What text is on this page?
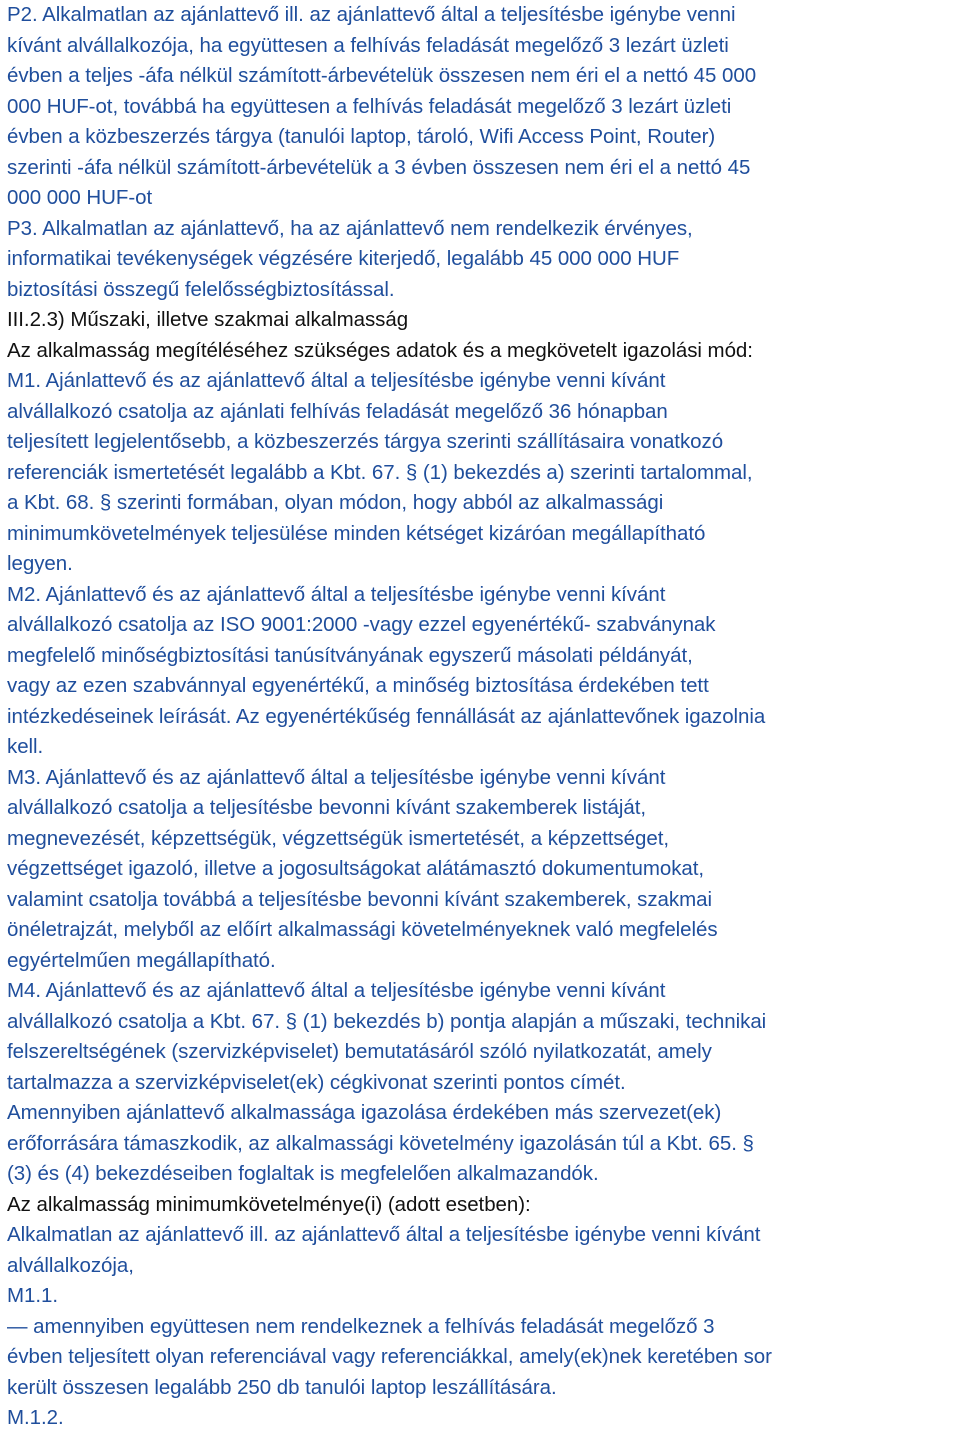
P2. Alkalmatlan az ajánlattevő ill. az ajánlattevő által a teljesítésbe igénybe venni
kívánt alvállalkozója, ha együttesen a felhívás feladását megelőző 3 lezárt üzleti
évben a teljes -áfa nélkül számított-árbevételük összesen nem éri el a nettó 45 000
000 HUF-ot, továbbá ha együttesen a felhívás feladását megelőző 3 lezárt üzleti
évben a közbeszerzés tárgya (tanulói laptop, tároló, Wifi Access Point, Router)
szerinti -áfa nélkül számított-árbevételük a 3 évben összesen nem éri el a nettó 45
000 000 HUF-ot
P3. Alkalmatlan az ajánlattevő, ha az ajánlattevő nem rendelkezik érvényes,
informatikai tevékenységek végzésére kiterjedő, legalább 45 000 000 HUF
biztosítási összegű felelősségbiztosítással.
III.2.3) Műszaki, illetve szakmai alkalmasság
Az alkalmasság megítéléséhez szükséges adatok és a megkövetelt igazolási mód:
M1. Ajánlattevő és az ajánlattevő által a teljesítésbe igénybe venni kívánt
alvállalkozó csatolja az ajánlati felhívás feladását megelőző 36 hónapban
teljesített legjelentősebb, a közbeszerzés tárgya szerinti szállításaira vonatkozó
referenciák ismertetését legalább a Kbt. 67. § (1) bekezdés a) szerinti tartalommal,
a Kbt. 68. § szerinti formában, olyan módon, hogy abból az alkalmassági
minimumkövetelmények teljesülése minden kétséget kizáróan megállapítható
legyen.
M2. Ajánlattevő és az ajánlattevő által a teljesítésbe igénybe venni kívánt
alvállalkozó csatolja az ISO 9001:2000 -vagy ezzel egyenértékű- szabványnak
megfelelő minőségbiztosítási tanúsítványának egyszerű másolati példányát,
vagy az ezen szabvánnyal egyenértékű, a minőség biztosítása érdekében tett
intézkedéseinek leírását. Az egyenértékűség fennállását az ajánlattevőnek igazolnia
kell.
M3. Ajánlattevő és az ajánlattevő által a teljesítésbe igénybe venni kívánt
alvállalkozó csatolja a teljesítésbe bevonni kívánt szakemberek listáját,
megnevezését, képzettségük, végzettségük ismertetését, a képzettséget,
végzettséget igazoló, illetve a jogosultságokat alátámasztó dokumentumokat,
valamint csatolja továbbá a teljesítésbe bevonni kívánt szakemberek, szakmai
önéletrajzát, melyből az előírt alkalmassági követelményeknek való megfelelés
egyértelműen megállapítható.
M4. Ajánlattevő és az ajánlattevő által a teljesítésbe igénybe venni kívánt
alvállalkozó csatolja a Kbt. 67. § (1) bekezdés b) pontja alapján a műszaki, technikai
felszereltségének (szervizképviselet) bemutatásáról szóló nyilatkozatát, amely
tartalmazza a szervizképviselet(ek) cégkivonat szerinti pontos címét.
Amennyiben ajánlattevő alkalmassága igazolása érdekében más szervezet(ek)
erőforrására támaszkodik, az alkalmassági követelmény igazolásán túl a Kbt. 65. §
(3) és (4) bekezdéseiben foglaltak is megfelelően alkalmazandók.
Az alkalmasság minimumkövetelménye(i) (adott esetben):
Alkalmatlan az ajánlattevő ill. az ajánlattevő által a teljesítésbe igénybe venni kívánt
alvállalkozója,
M1.1.
— amennyiben együttesen nem rendelkeznek a felhívás feladását megelőző 3
évben teljesített olyan referenciával vagy referenciákkal, amely(ek)nek keretében sor
került összesen legalább 250 db tanulói laptop leszállítására.
M.1.2.
